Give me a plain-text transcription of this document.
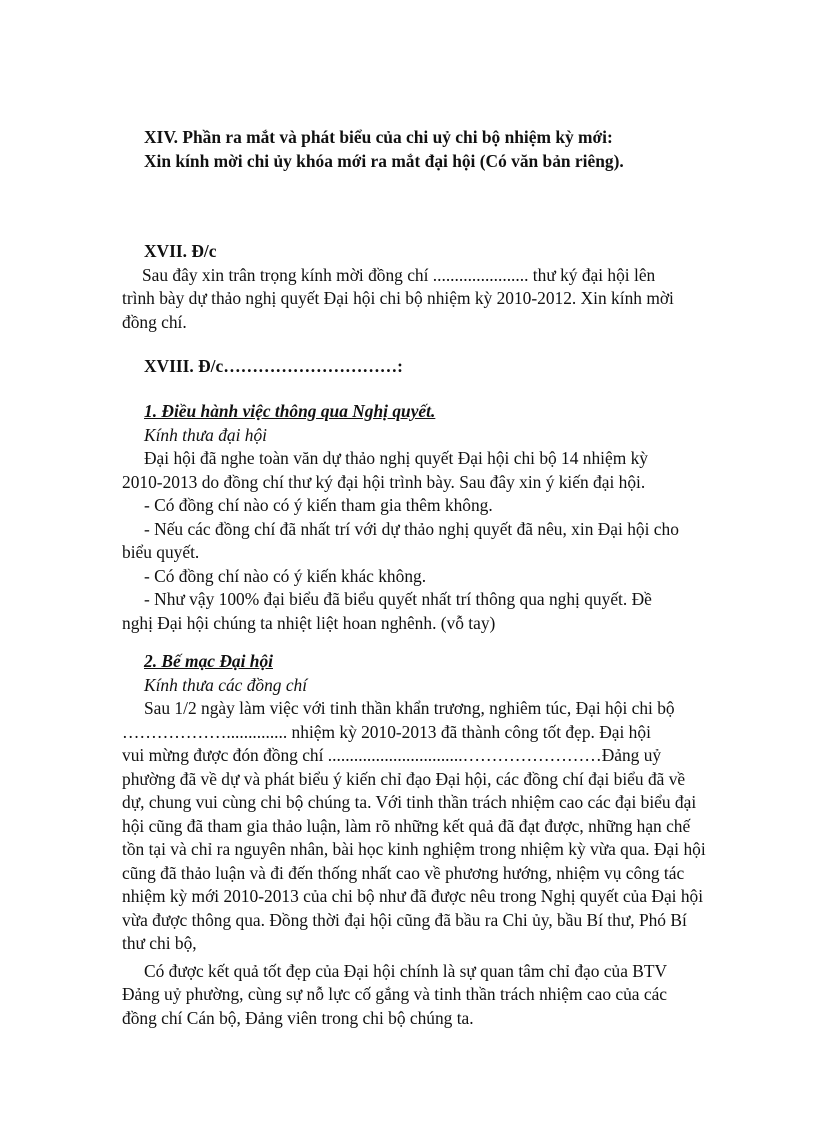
XIV. Phần ra mắt và phát biểu của chi uỷ chi bộ nhiệm kỳ mới:
Xin kính mời chi ủy khóa mới ra mắt đại hội (Có văn bản riêng).
XVII. Đ/c
Sau đây xin trân trọng kính mời đồng chí ...................... thư ký đại hội lên
trình bày dự thảo nghị quyết Đại hội chi bộ nhiệm kỳ 2010-2012. Xin kính mời
đồng chí.
XVIII. Đ/c…………………………:
1. Điều hành việc thông qua Nghị quyết.
Kính thưa đại hội
Đại hội đã nghe toàn văn dự thảo nghị quyết Đại hội chi bộ 14 nhiệm kỳ
2010-2013 do đồng chí thư ký đại hội trình bày. Sau đây xin ý kiến đại hội.
- Có đồng chí nào có ý kiến tham gia thêm không.
- Nếu các đồng chí đã nhất trí với dự thảo nghị quyết đã nêu, xin Đại hội cho
biểu quyết.
- Có đồng chí nào có ý kiến khác không.
- Như vậy 100% đại biểu đã biểu quyết nhất trí thông qua nghị quyết. Đề
nghị Đại hội chúng ta nhiệt liệt hoan nghênh. (vỗ tay)
2. Bế mạc Đại hội
Kính thưa các đồng chí
Sau 1/2 ngày làm việc với tinh thần khẩn trương, nghiêm túc, Đại hội chi bộ
……………….............. nhiệm kỳ 2010-2013 đã thành công tốt đẹp. Đại hội
vui mừng được đón đồng chí ...............................……………………Đảng uỷ
phường đã về dự và phát biểu ý kiến chỉ đạo Đại hội, các đồng chí đại biểu đã về
dự, chung vui cùng chi bộ chúng ta. Với tinh thần trách nhiệm cao các đại biểu đại
hội cũng đã tham gia thảo luận, làm rõ những kết quả đã đạt được, những hạn chế
tồn tại và chỉ ra nguyên nhân, bài học kinh nghiệm trong nhiệm kỳ vừa qua. Đại hội
cũng đã thảo luận và đi đến thống nhất cao về phương hướng, nhiệm vụ công tác
nhiệm kỳ mới 2010-2013 của chi bộ như đã được nêu trong Nghị quyết của Đại hội
vừa được thông qua. Đồng thời đại hội cũng đã bầu ra Chi ủy, bầu Bí thư, Phó Bí
thư chi bộ,
Có được kết quả tốt đẹp của Đại hội chính là sự quan tâm chỉ đạo của BTV
Đảng uỷ phường, cùng sự nỗ lực cố gắng và tinh thần trách nhiệm cao của các
đồng chí Cán bộ, Đảng viên trong chi bộ chúng ta.
